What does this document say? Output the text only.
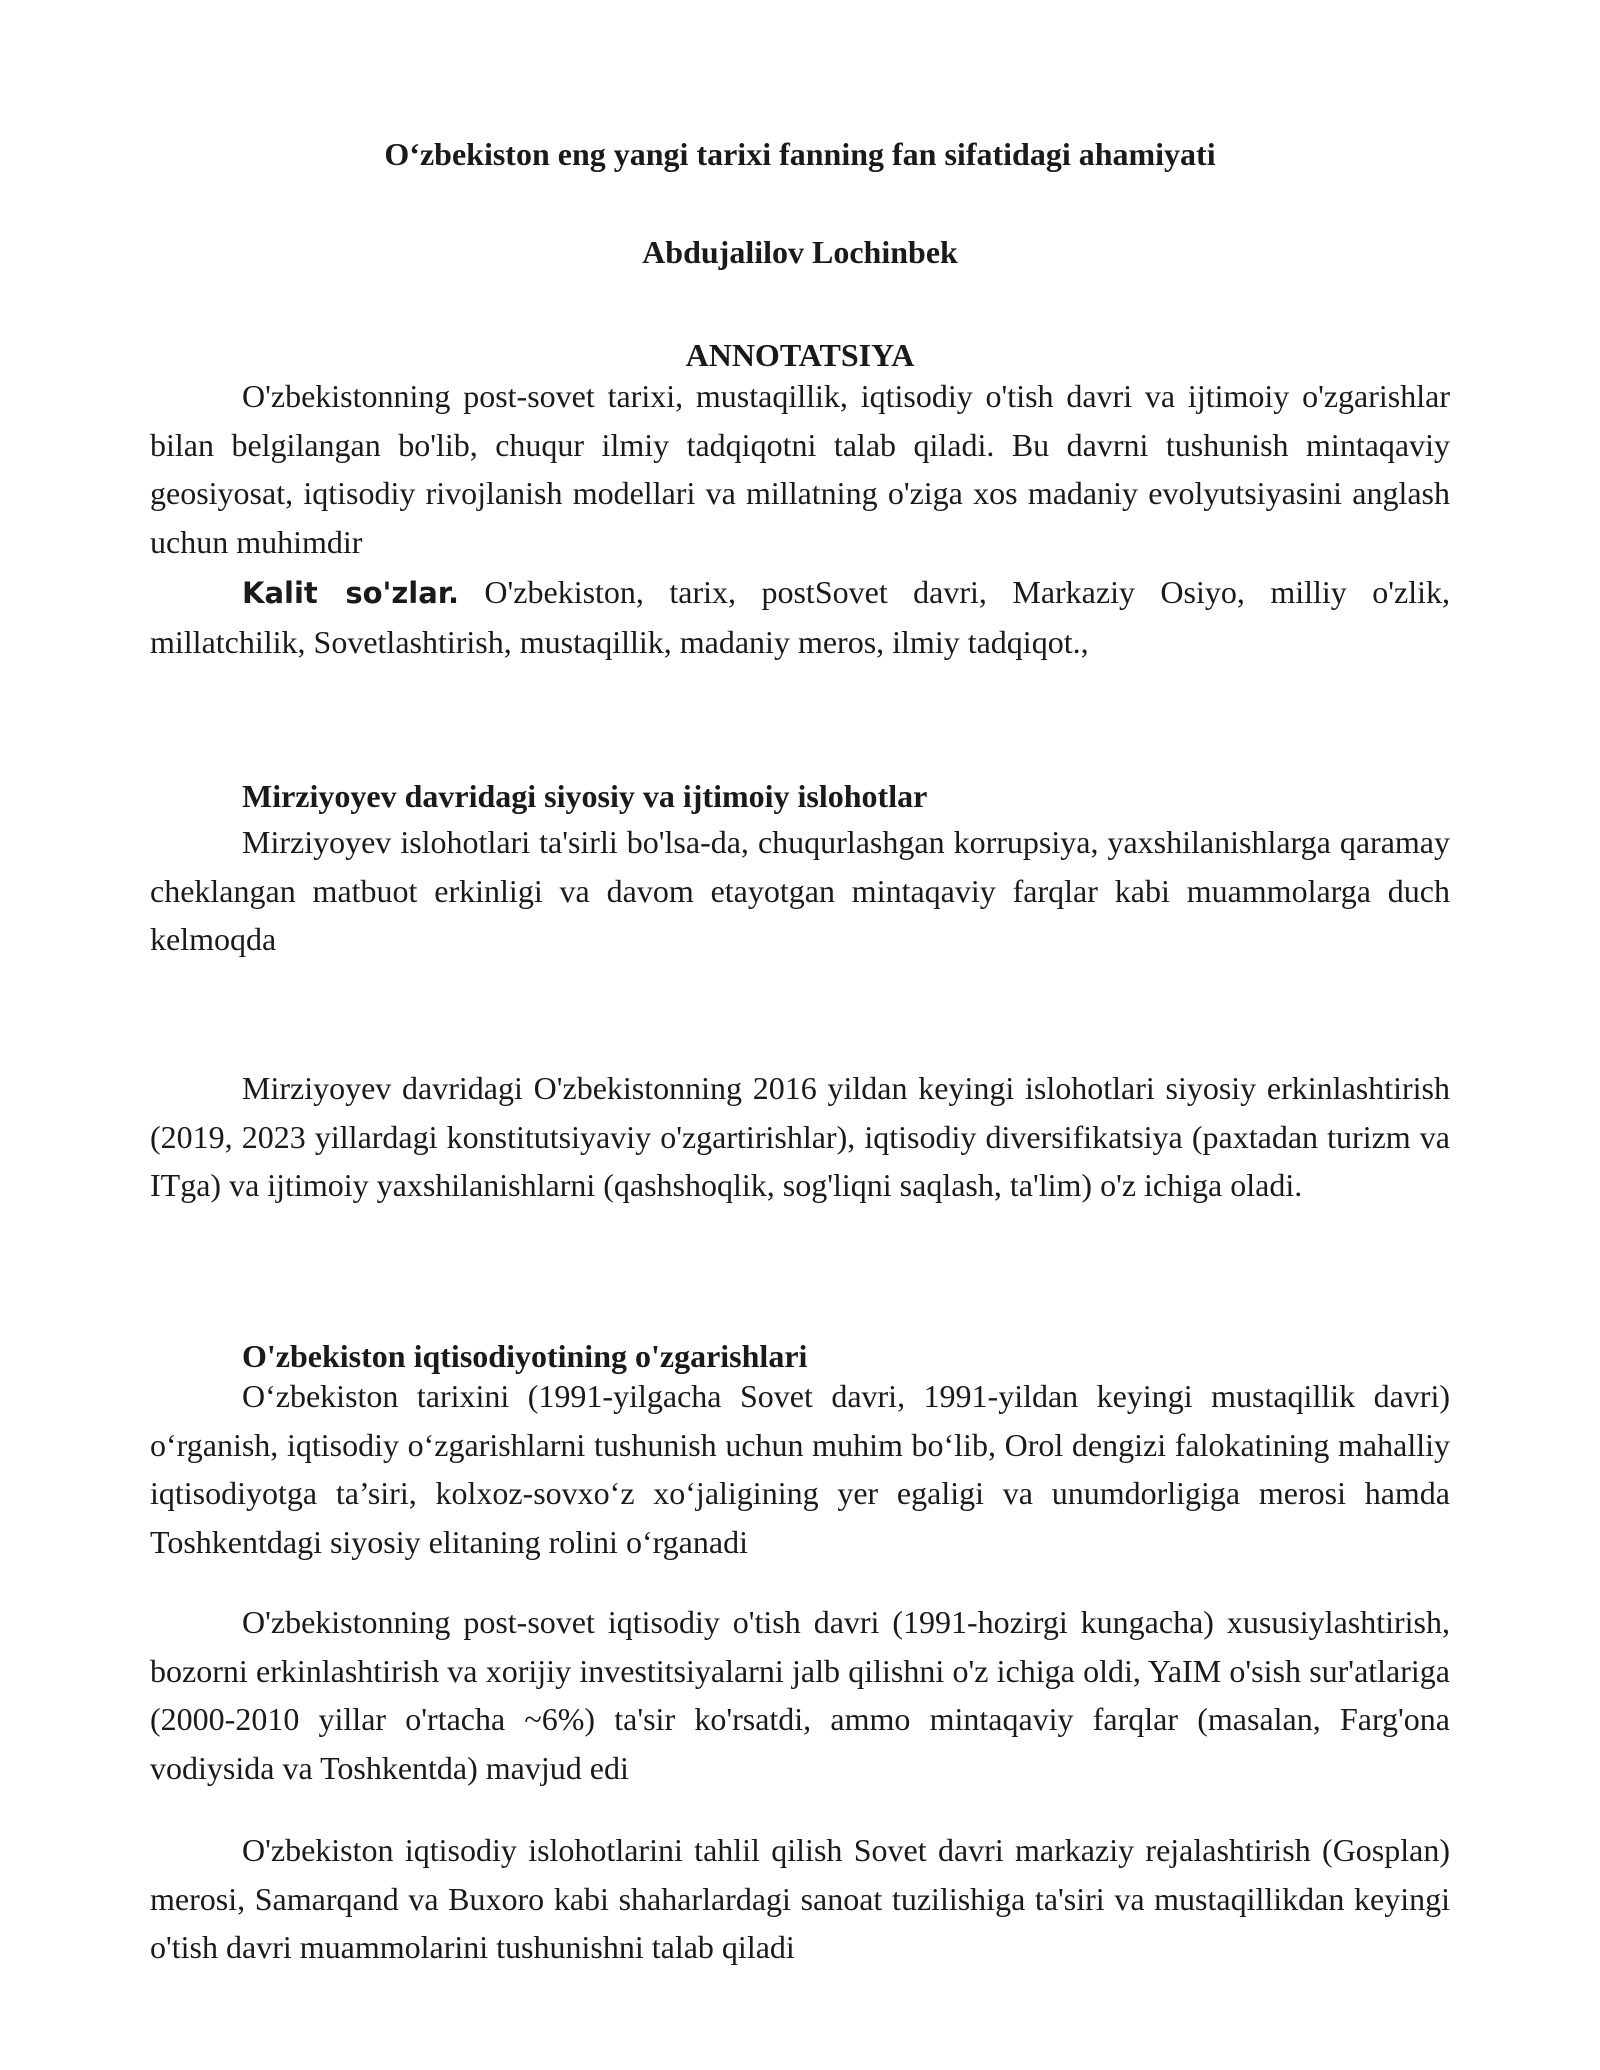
O‘zbekiston eng yangi tarixi fanning fan sifatidagi ahamiyati
Abdujalilov Lochinbek
ANNOTATSIYA

O'zbekistonning post-sovet tarixi, mustaqillik, iqtisodiy o'tish davri va ijtimoiy o'zgarishlar bilan belgilangan bo'lib, chuqur ilmiy tadqiqotni talab qiladi. Bu davrni tushunish mintaqaviy geosiyosat, iqtisodiy rivojlanish modellari va millatning o'ziga xos madaniy evolyutsiyasini anglash uchun muhimdir

Kalit so'zlar. O'zbekiston, tarix, postSovet davri, Markaziy Osiyo, milliy o'zlik, millatchilik, Sovetlashtirish, mustaqillik, madaniy meros, ilmiy tadqiqot.,

Mirziyoyev davridagi siyosiy va ijtimoiy islohotlar

Mirziyoyev islohotlari ta'sirli bo'lsa-da, chuqurlashgan korrupsiya, yaxshilanishlarga qaramay cheklangan matbuot erkinligi va davom etayotgan mintaqaviy farqlar kabi muammolarga duch kelmoqda

Mirziyoyev davridagi O'zbekistonning 2016 yildan keyingi islohotlari siyosiy erkinlashtirish (2019, 2023 yillardagi konstitutsiyaviy o'zgartirishlar), iqtisodiy diversifikatsiya (paxtadan turizm va ITga) va ijtimoiy yaxshilanishlarni (qashshoqlik, sog'liqni saqlash, ta'lim) o'z ichiga oladi.

O'zbekiston iqtisodiyotining o'zgarishlari

O‘zbekiston tarixini (1991-yilgacha Sovet davri, 1991-yildan keyingi mustaqillik davri) o‘rganish, iqtisodiy o‘zgarishlarni tushunish uchun muhim bo‘lib, Orol dengizi falokatining mahalliy iqtisodiyotga ta’siri, kolxoz-sovxo‘z xo‘jaligining yer egaligi va unumdorligiga merosi hamda Toshkentdagi siyosiy elitaning rolini o‘rganadi

O'zbekistonning post-sovet iqtisodiy o'tish davri (1991-hozirgi kungacha) xususiylashtirish, bozorni erkinlashtirish va xorijiy investitsiyalarni jalb qilishni o'z ichiga oldi, YaIM o'sish sur'atlariga (2000-2010 yillar o'rtacha ~6%) ta'sir ko'rsatdi, ammo mintaqaviy farqlar (masalan, Farg'ona vodiysida va Toshkentda) mavjud edi

O'zbekiston iqtisodiy islohotlarini tahlil qilish Sovet davri markaziy rejalashtirish (Gosplan) merosi, Samarqand va Buxoro kabi shaharlardagi sanoat tuzilishiga ta'siri va mustaqillikdan keyingi o'tish davri muammolarini tushunishni talab qiladi
